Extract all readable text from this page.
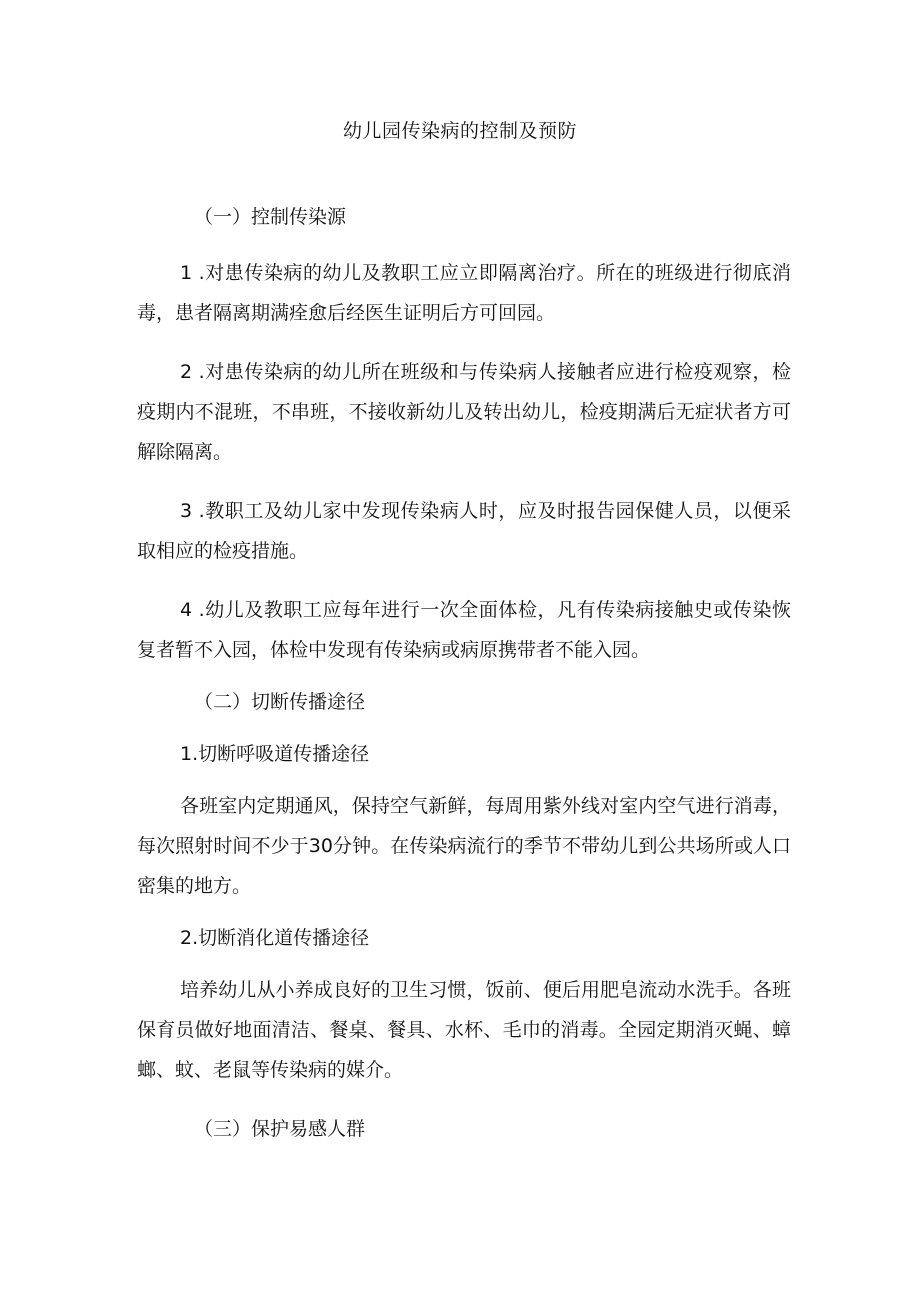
幼儿园传染病的控制及预防

（一）控制传染源

1 .对患传染病的幼儿及教职工应立即隔离治疗。所在的班级进行彻底消毒，患者隔离期满痊愈后经医生证明后方可回园。

2 .对患传染病的幼儿所在班级和与传染病人接触者应进行检疫观察，检疫期内不混班，不串班，不接收新幼儿及转出幼儿，检疫期满后无症状者方可解除隔离。

3 .教职工及幼儿家中发现传染病人时，应及时报告园保健人员，以便采取相应的检疫措施。

4 .幼儿及教职工应每年进行一次全面体检，凡有传染病接触史或传染恢复者暂不入园，体检中发现有传染病或病原携带者不能入园。

（二）切断传播途径

1.切断呼吸道传播途径

各班室内定期通风，保持空气新鲜，每周用紫外线对室内空气进行消毒，每次照射时间不少于30分钟。在传染病流行的季节不带幼儿到公共场所或人口密集的地方。

2.切断消化道传播途径

培养幼儿从小养成良好的卫生习惯，饭前、便后用肥皂流动水洗手。各班保育员做好地面清洁、餐桌、餐具、水杯、毛巾的消毒。全园定期消灭蝇、蟑螂、蚊、老鼠等传染病的媒介。

（三）保护易感人群
